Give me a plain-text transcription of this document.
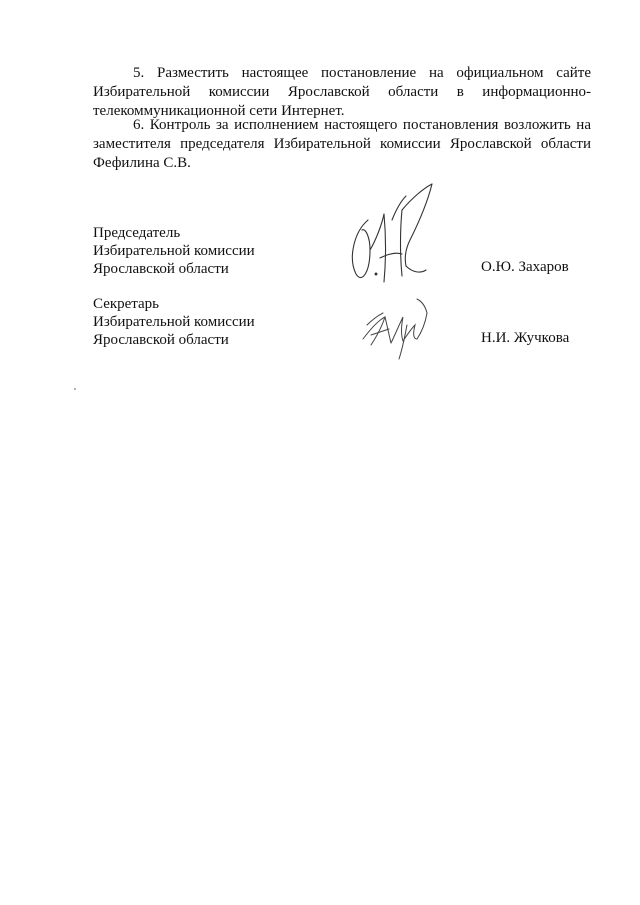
5. Разместить настоящее постановление на официальном сайте Избирательной комиссии Ярославской области в информационно-телекоммуникационной сети Интернет.

6. Контроль за исполнением настоящего постановления возложить на заместителя председателя Избирательной комиссии Ярославской области Фефилина С.В.

Председатель

Избирательной комиссии

Ярославской области	О.Ю. Захаров

Секретарь

Избирательной комиссии

Ярославской области	Н.И. Жучкова
